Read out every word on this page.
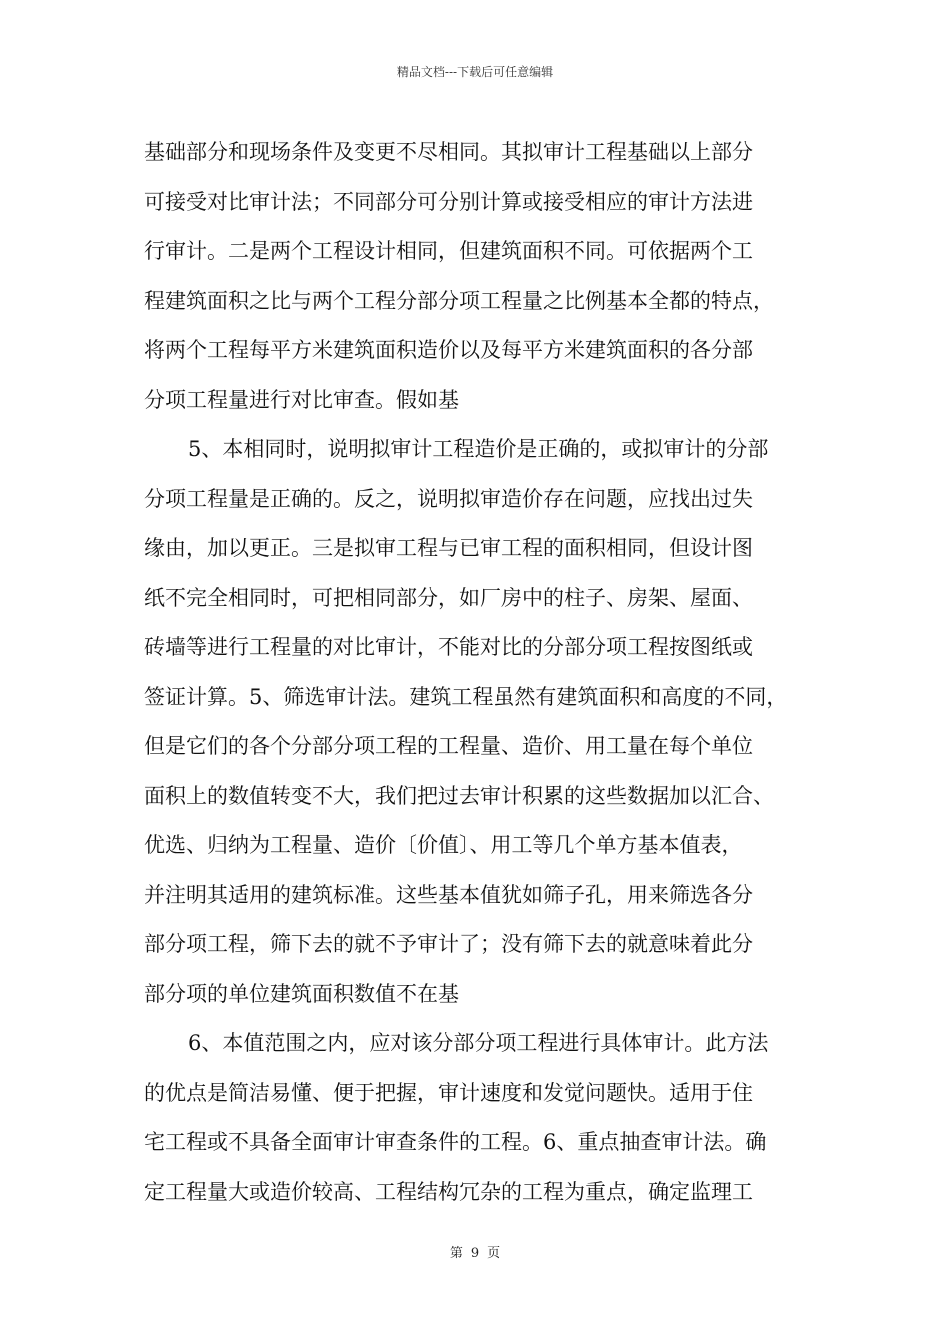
精品文档---下载后可任意编辑
基础部分和现场条件及变更不尽相同。其拟审计工程基础以上部分
可接受对比审计法；不同部分可分别计算或接受相应的审计方法进
行审计。二是两个工程设计相同，但建筑面积不同。可依据两个工
程建筑面积之比与两个工程分部分项工程量之比例基本全都的特点，
将两个工程每平方米建筑面积造价以及每平方米建筑面积的各分部
分项工程量进行对比审查。假如基
5、本相同时，说明拟审计工程造价是正确的，或拟审计的分部
分项工程量是正确的。反之，说明拟审造价存在问题，应找出过失
缘由，加以更正。三是拟审工程与已审工程的面积相同，但设计图
纸不完全相同时，可把相同部分，如厂房中的柱子、房架、屋面、
砖墙等进行工程量的对比审计，不能对比的分部分项工程按图纸或
签证计算。5、筛选审计法。建筑工程虽然有建筑面积和高度的不同，
但是它们的各个分部分项工程的工程量、造价、用工量在每个单位
面积上的数值转变不大，我们把过去审计积累的这些数据加以汇合、
优选、归纳为工程量、造价〔价值〕、用工等几个单方基本值表，
并注明其适用的建筑标准。这些基本值犹如筛子孔，用来筛选各分
部分项工程，筛下去的就不予审计了；没有筛下去的就意味着此分
部分项的单位建筑面积数值不在基
6、本值范围之内，应对该分部分项工程进行具体审计。此方法
的优点是简洁易懂、便于把握，审计速度和发觉问题快。适用于住
宅工程或不具备全面审计审查条件的工程。6、重点抽查审计法。确
定工程量大或造价较高、工程结构冗杂的工程为重点，确定监理工
第 9 页
